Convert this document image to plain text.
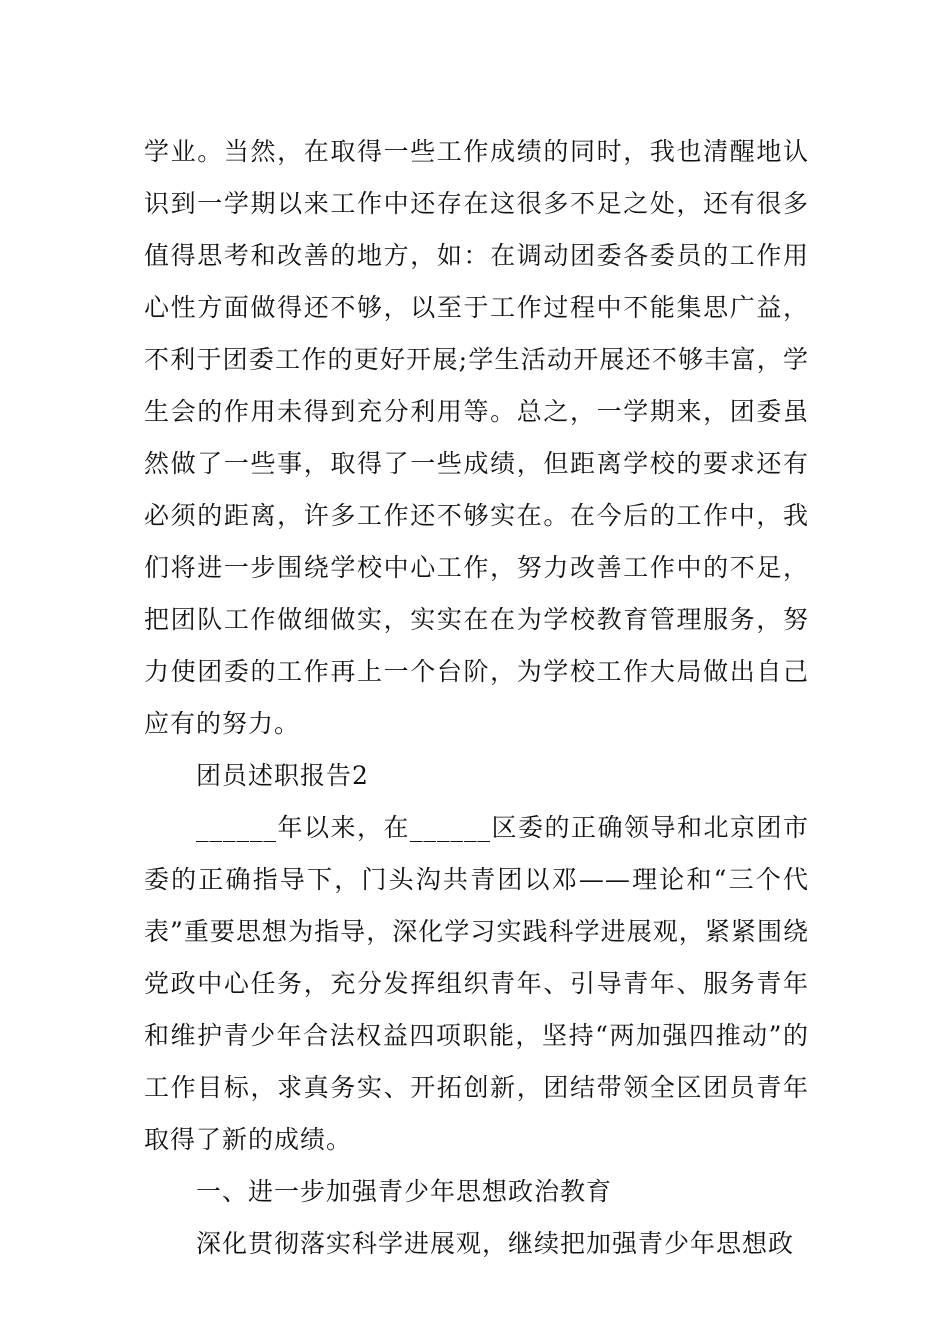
学业。当然，在取得一些工作成绩的同时，我也清醒地认识到一学期以来工作中还存在这很多不足之处，还有很多值得思考和改善的地方，如：在调动团委各委员的工作用心性方面做得还不够，以至于工作过程中不能集思广益，不利于团委工作的更好开展;学生活动开展还不够丰富，学生会的作用未得到充分利用等。总之，一学期来，团委虽然做了一些事，取得了一些成绩，但距离学校的要求还有必须的距离，许多工作还不够实在。在今后的工作中，我们将进一步围绕学校中心工作，努力改善工作中的不足，把团队工作做细做实，实实在在为学校教育管理服务，努力使团委的工作再上一个台阶，为学校工作大局做出自己应有的努力。

团员述职报告2

______年以来，在______区委的正确领导和北京团市委的正确指导下，门头沟共青团以邓——理论和“三个代表”重要思想为指导，深化学习实践科学进展观，紧紧围绕党政中心任务，充分发挥组织青年、引导青年、服务青年和维护青少年合法权益四项职能，坚持“两加强四推动”的工作目标，求真务实、开拓创新，团结带领全区团员青年取得了新的成绩。

一、进一步加强青少年思想政治教育

深化贯彻落实科学进展观，继续把加强青少年思想政
